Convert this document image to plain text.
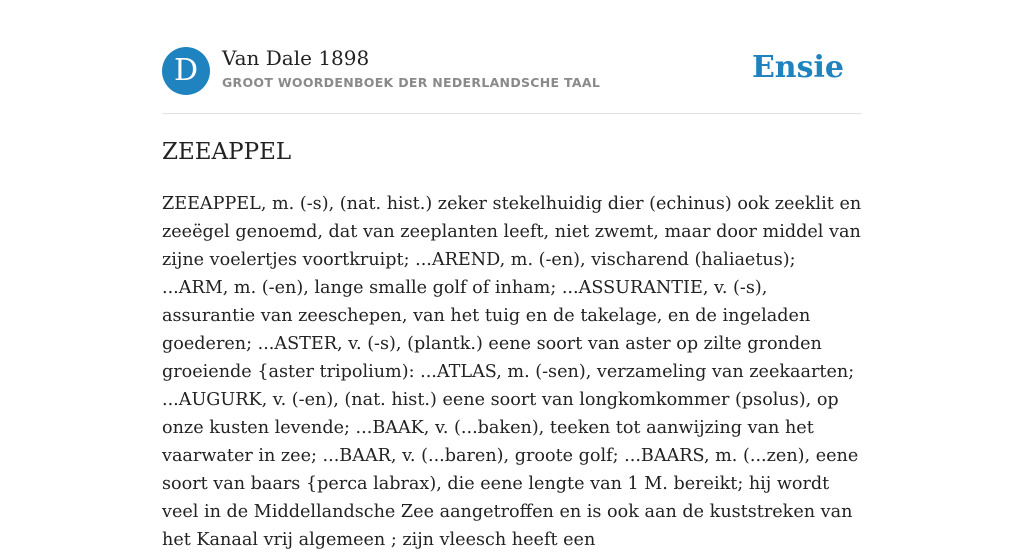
D	Van Dale 1898
GROOT WOORDENBOEK DER NEDERLANDSCHE TAAL	Ensie
ZEEAPPEL

ZEEAPPEL, m. (-s), (nat. hist.) zeker stekelhuidig dier (echinus) ook zeeklit en zeeëgel genoemd, dat van zeeplanten leeft, niet zwemt, maar door middel van zijne voelertjes voortkruipt; ...AREND, m. (-en), vischarend (haliaetus); ...ARM, m. (-en), lange smalle golf of inham; ...ASSURANTIE, v. (-s), assurantie van zeeschepen, van het tuig en de takelage, en de ingeladen goederen; ...ASTER, v. (-s), (plantk.) eene soort van aster op zilte gronden groeiende {aster tripolium): ...ATLAS, m. (-sen), verzameling van zeekaarten; ...AUGURK, v. (-en), (nat. hist.) eene soort van longkomkommer (psolus), op onze kusten levende; ...BAAK, v. (...baken), teeken tot aanwijzing van het vaarwater in zee; ...BAAR, v. (...baren), groote golf; ...BAARS, m. (...zen), eene soort van baars {perca labrax), die eene lengte van 1 M. bereikt; hij wordt veel in de Middellandsche Zee aangetroffen en is ook aan de kuststreken van het Kanaal vrij algemeen ; zijn vleesch heeft een
